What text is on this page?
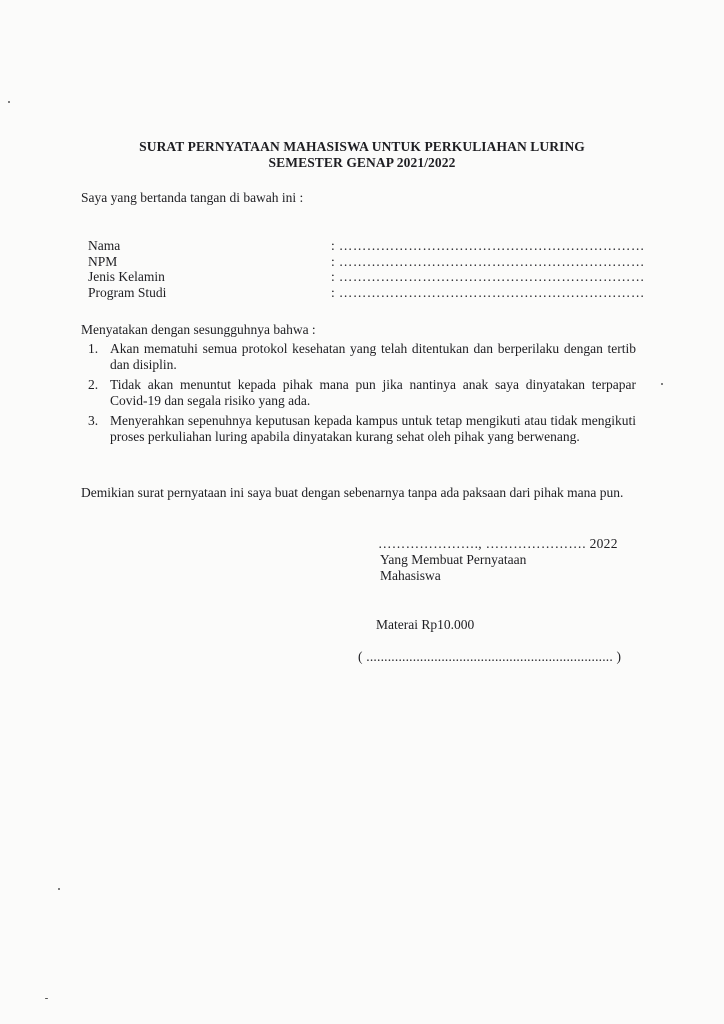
SURAT PERNYATAAN MAHASISWA UNTUK PERKULIAHAN LURING
SEMESTER GENAP 2021/2022
Saya yang bertanda tangan di bawah ini :
Nama	: …………………………………………………………
NPM	: …………………………………………………………
Jenis Kelamin	: …………………………………………………………
Program Studi	: …………………………………………………………
Menyatakan dengan sesungguhnya bahwa :
1. Akan mematuhi semua protokol kesehatan yang telah ditentukan dan berperilaku dengan tertib dan disiplin.
2. Tidak akan menuntut kepada pihak mana pun jika nantinya anak saya dinyatakan terpapar Covid-19 dan segala risiko yang ada.
3. Menyerahkan sepenuhnya keputusan kepada kampus untuk tetap mengikuti atau tidak mengikuti proses perkuliahan luring apabila dinyatakan kurang sehat oleh pihak yang berwenang.
Demikian surat pernyataan ini saya buat dengan sebenarnya tanpa ada paksaan dari pihak mana pun.
…………………., …………………. 2022
Yang Membuat Pernyataan
Mahasiswa
Materai Rp10.000
( ..................................................................... )
